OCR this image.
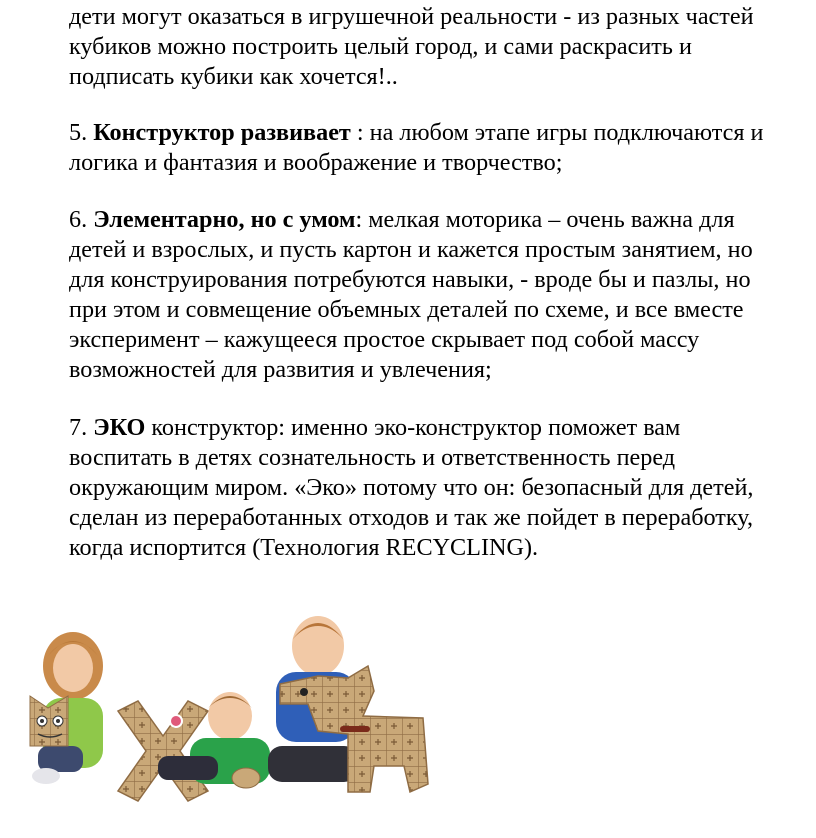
дети могут оказаться в игрушечной реальности - из разных частей
кубиков можно построить целый город, и сами раскрасить и
подписать кубики как хочется!..
5. Конструктор развивает : на любом этапе игры подключаются и
логика и фантазия и воображение и творчество;
6. Элементарно, но с умом: мелкая моторика – очень важна для
детей и взрослых, и пусть картон и кажется простым занятием, но
для конструирования потребуются навыки, - вроде бы и пазлы, но
при этом и совмещение объемных деталей по схеме, и все вместе
эксперимент – кажущееся простое скрывает под собой массу
возможностей для развития и увлечения;
7. ЭКО конструктор: именно эко-конструктор поможет вам
воспитать в детях сознательность и ответственность перед
окружающим миром. «Эко» потому что он: безопасный для детей,
сделан из переработанных отходов и так же пойдет в переработку,
когда испортится (Технология RECYCLING).
